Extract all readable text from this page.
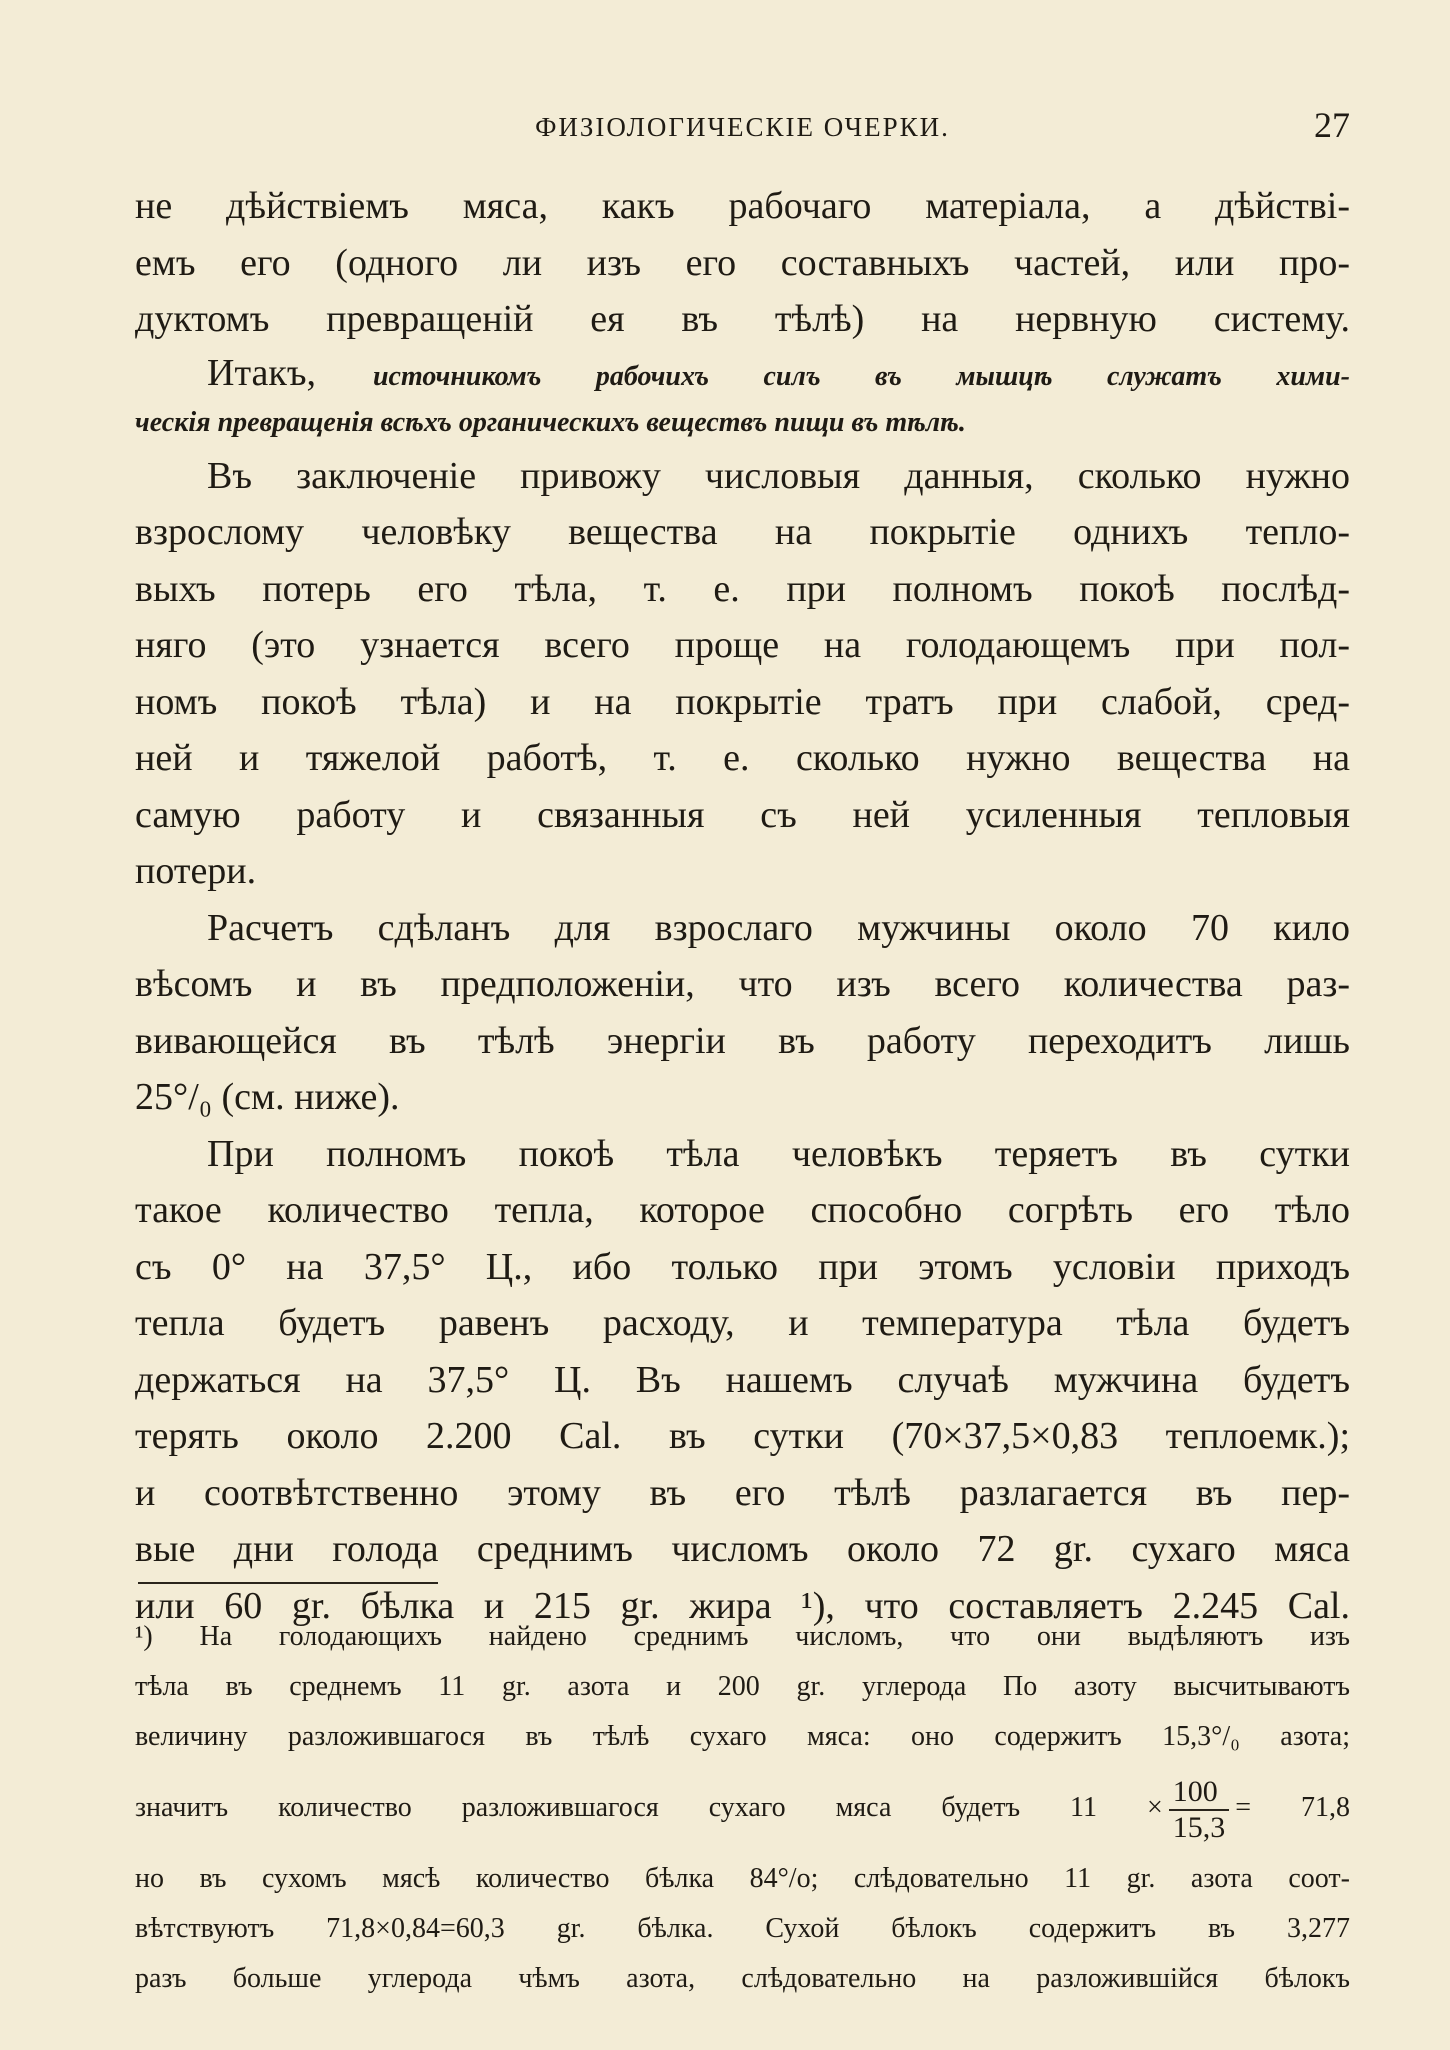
ФИЗIОЛОГИЧЕСКIЕ ОЧЕРКИ.	27
не дѣйствiемъ мяса, какъ рабочаго матерiала, а дѣйствi-
емъ его (одного ли изъ его составныхъ частей, или про-
дуктомъ превращенiй ея въ тѣлѣ) на нервную систему.
Итакъ, источникомъ рабочихъ силъ въ мышцѣ служатъ хими-
ческiя превращенiя всѣхъ органическихъ веществъ пищи въ тѣлѣ.
Въ заключенiе привожу числовыя данныя, сколько нужно
взрослому человѣку вещества на покрытiе однихъ тепло-
выхъ потерь его тѣла, т. е. при полномъ покоѣ послѣд-
няго (это узнается всего проще на голодающемъ при пол-
номъ покоѣ тѣла) и на покрытiе тратъ при слабой, сред-
ней и тяжелой работѣ, т. е. сколько нужно вещества на
самую работу и связанныя съ ней усиленныя тепловыя
потери.
Расчетъ сдѣланъ для взрослаго мужчины около 70 кило
вѣсомъ и въ предположенiи, что изъ всего количества раз-
вивающейся въ тѣлѣ энергiи въ работу переходитъ лишь
25°/₀ (см. ниже).
При полномъ покоѣ тѣла человѣкъ теряетъ въ сутки
такое количество тепла, которое способно согрѣть его тѣло
съ 0° на 37,5° Ц., ибо только при этомъ условiи приходъ
тепла будетъ равенъ расходу, и температура тѣла будетъ
держаться на 37,5° Ц. Въ нашемъ случаѣ мужчина будетъ
терять около 2.200 Cal. въ сутки (70×37,5×0,83 теплоемк.);
и соотвѣтственно этому въ его тѣлѣ разлагается въ пер-
вые дни голода среднимъ числомъ около 72 gr. сухаго мяса
или 60 gr. бѣлка и 215 gr. жира ¹), что составляетъ 2.245 Cal.
¹) На голодающихъ найдено среднимъ числомъ, что они выдѣляютъ изъ
тѣла въ среднемъ 11 gr. азота и 200 gr. углерода По азоту высчитываютъ
величину разложившагося въ тѣлѣ сухаго мяса: оно содержитъ 15,3°/₀ азота;
значитъ количество разложившагося сухаго мяса будетъ $11 \times \frac{100}{15,3} = 71,8$
но въ сухомъ мясѣ количество бѣлка 84°/о; слѣдовательно 11 gr. азота соот-
вѣтствуютъ 71,8×0,84=60,3 gr. бѣлка. Сухой бѣлокъ содержитъ въ 3,277
разъ больше углерода чѣмъ азота, слѣдовательно на разложившiйся бѣлокъ
